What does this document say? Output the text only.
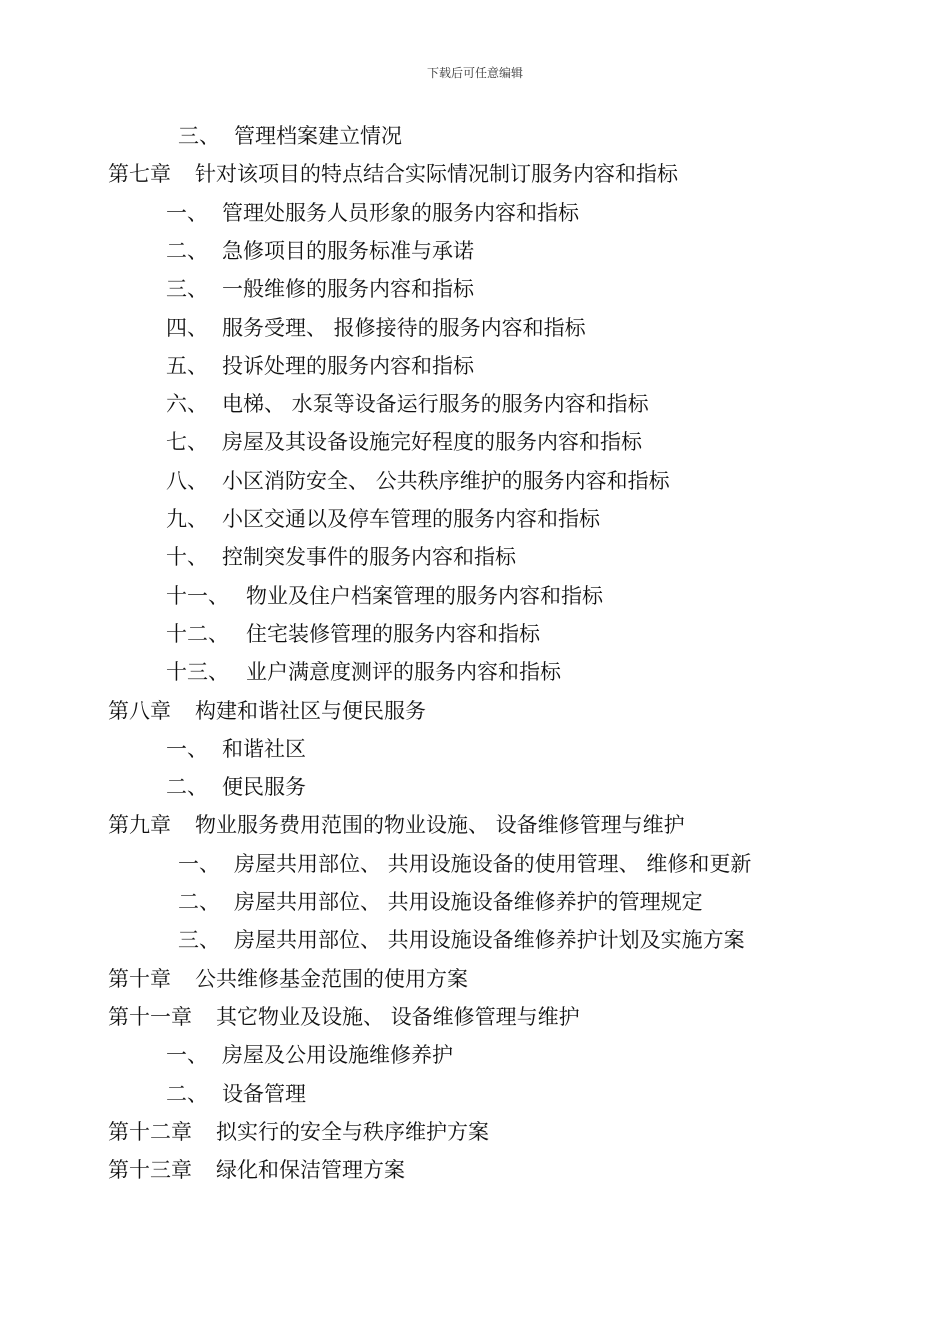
下载后可任意编辑
三、 管理档案建立情况
第七章 针对该项目的特点结合实际情况制订服务内容和指标
一、 管理处服务人员形象的服务内容和指标
二、 急修项目的服务标准与承诺
三、 一般维修的服务内容和指标
四、 服务受理、 报修接待的服务内容和指标
五、 投诉处理的服务内容和指标
六、 电梯、 水泵等设备运行服务的服务内容和指标
七、 房屋及其设备设施完好程度的服务内容和指标
八、 小区消防安全、 公共秩序维护的服务内容和指标
九、 小区交通以及停车管理的服务内容和指标
十、 控制突发事件的服务内容和指标
十一、 物业及住户档案管理的服务内容和指标
十二、 住宅装修管理的服务内容和指标
十三、 业户满意度测评的服务内容和指标
第八章 构建和谐社区与便民服务
一、 和谐社区
二、 便民服务
第九章 物业服务费用范围的物业设施、 设备维修管理与维护
一、 房屋共用部位、 共用设施设备的使用管理、 维修和更新
二、 房屋共用部位、 共用设施设备维修养护的管理规定
三、 房屋共用部位、 共用设施设备维修养护计划及实施方案
第十章 公共维修基金范围的使用方案
第十一章 其它物业及设施、 设备维修管理与维护
一、 房屋及公用设施维修养护
二、 设备管理
第十二章 拟实行的安全与秩序维护方案
第十三章 绿化和保洁管理方案
